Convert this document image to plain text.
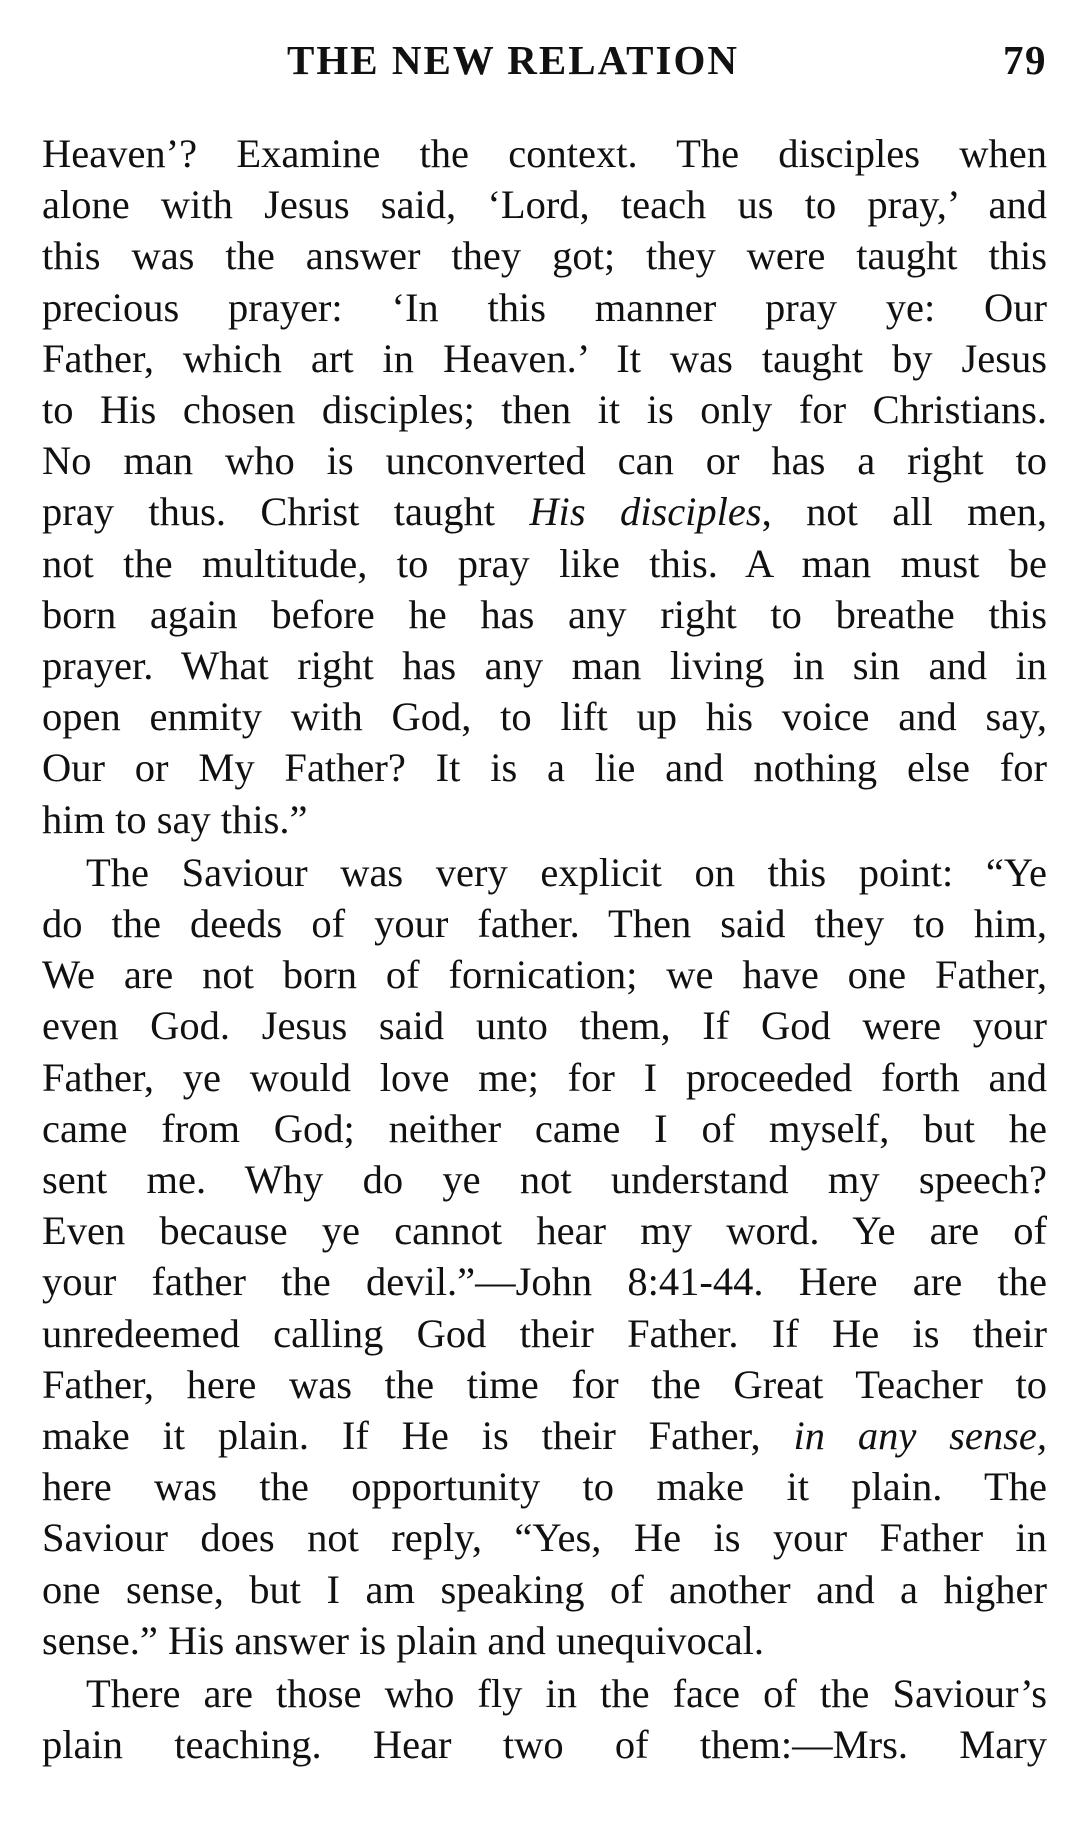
THE NEW RELATION	79

Heaven’? Examine the context. The disciples when
alone with Jesus said, ‘Lord, teach us to pray,’ and
this was the answer they got; they were taught this
precious prayer: ‘In this manner pray ye: Our
Father, which art in Heaven.’ It was taught by Jesus
to His chosen disciples; then it is only for Christians.
No man who is unconverted can or has a right to
pray thus. Christ taught His disciples, not all men,
not the multitude, to pray like this. A man must be
born again before he has any right to breathe this
prayer. What right has any man living in sin and in
open enmity with God, to lift up his voice and say,
Our or My Father? It is a lie and nothing else for
him to say this.”

The Saviour was very explicit on this point: “Ye
do the deeds of your father. Then said they to him,
We are not born of fornication; we have one Father,
even God. Jesus said unto them, If God were your
Father, ye would love me; for I proceeded forth and
came from God; neither came I of myself, but he
sent me. Why do ye not understand my speech?
Even because ye cannot hear my word. Ye are of
your father the devil.”—John 8:41-44. Here are the
unredeemed calling God their Father. If He is their
Father, here was the time for the Great Teacher to
make it plain. If He is their Father, in any sense,
here was the opportunity to make it plain. The
Saviour does not reply, “Yes, He is your Father in
one sense, but I am speaking of another and a higher
sense.” His answer is plain and unequivocal.

There are those who fly in the face of the Saviour’s
plain teaching. Hear two of them:—Mrs. Mary
